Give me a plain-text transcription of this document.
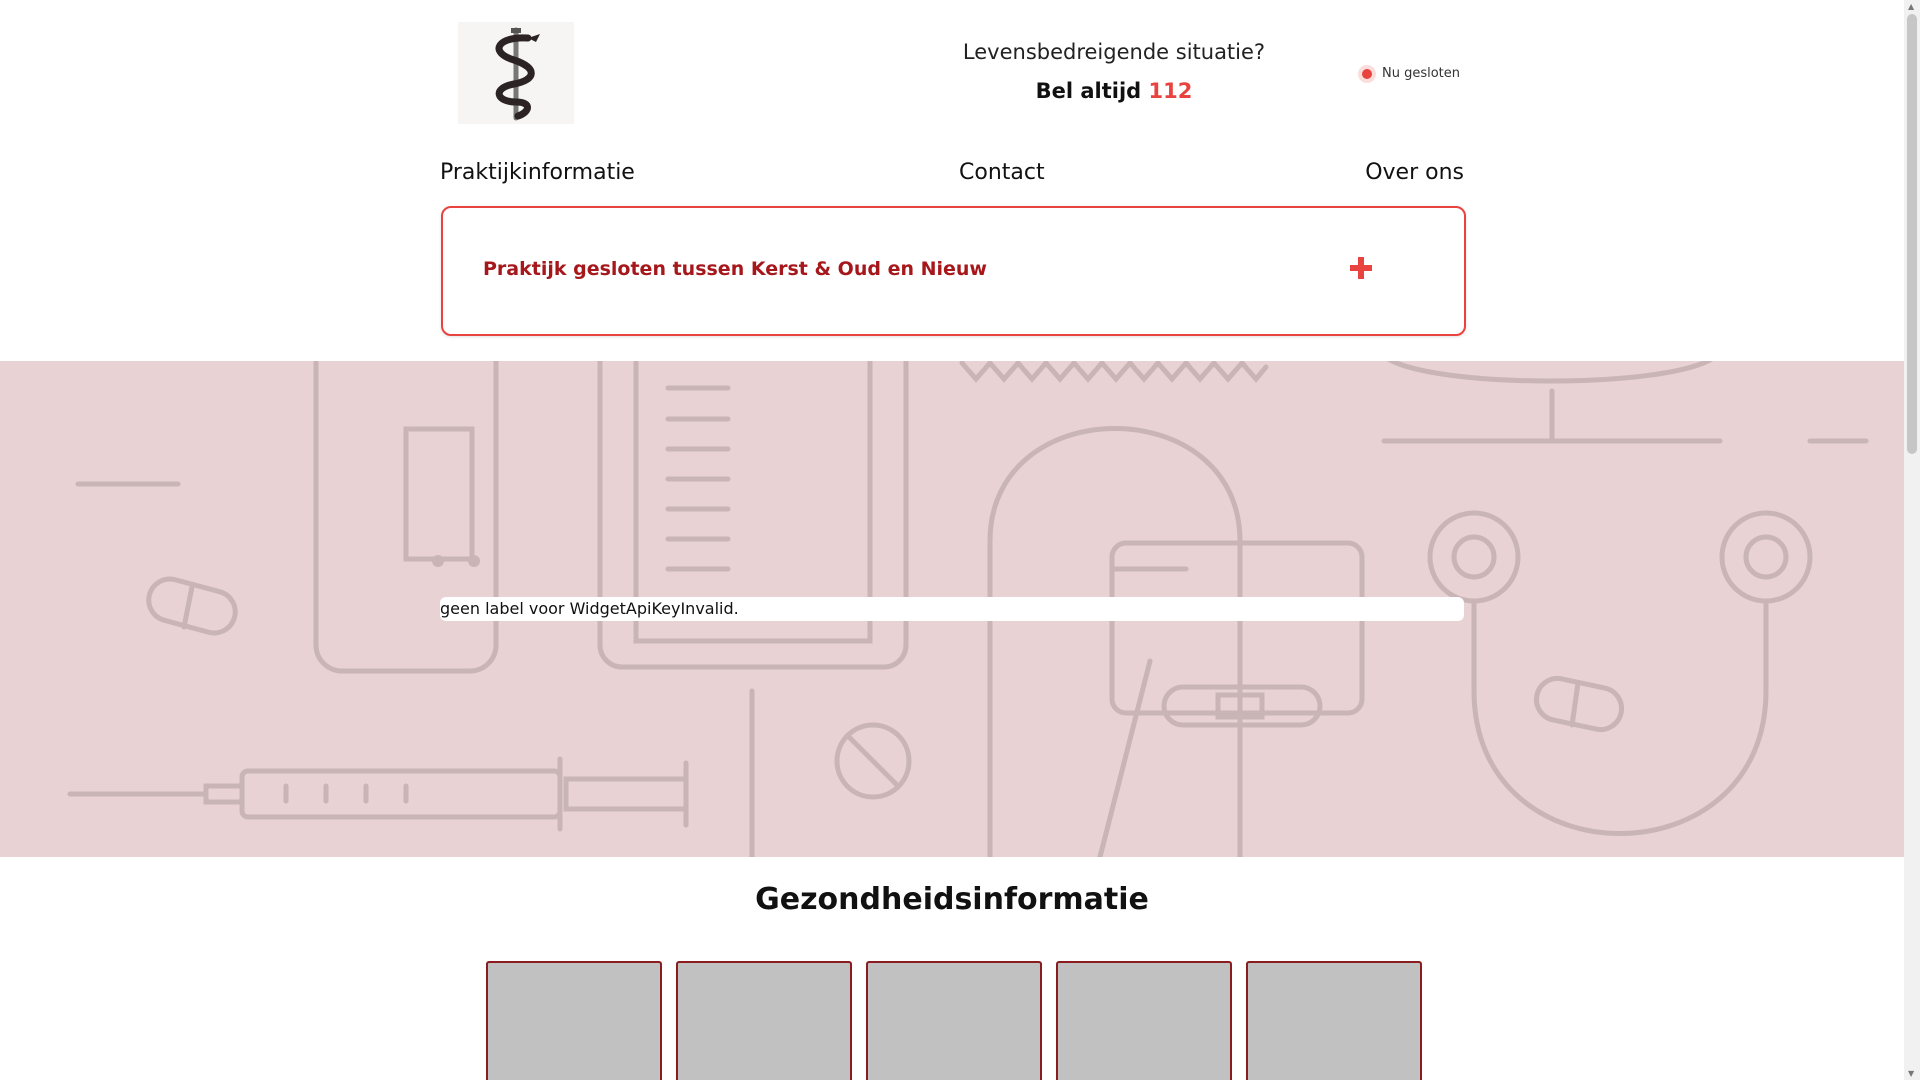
Levensbedreigende situatie?
Bel altijd 112
Nu gesloten
Praktijkinformatie	Contact	Over ons
Praktijk gesloten tussen Kerst & Oud en Nieuw
geen label voor WidgetApiKeyInvalid.
Gezondheidsinformatie
▲
▼
